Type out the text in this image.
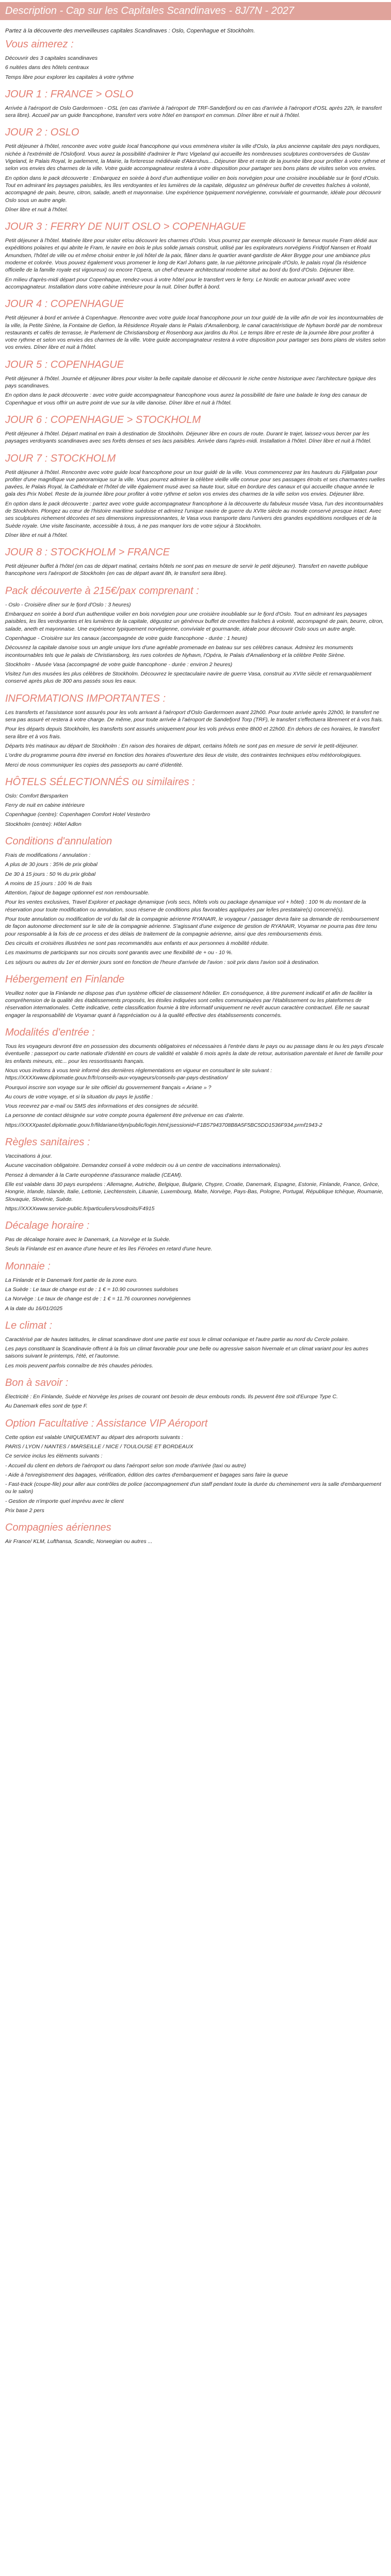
Description - Cap sur les Capitales Scandinaves - 8J/7N - 2027
Partez à la découverte des merveilleuses capitales Scandinaves : Oslo, Copenhague et Stockholm.
Vous aimerez :
Découvrir des 3 capitales scandinaves
6 nuitées dans des hôtels centraux
Temps libre pour explorer les capitales à votre rythme
JOUR 1 : FRANCE > OSLO
Arrivée à l'aéroport de Oslo Gardermoen - OSL (en cas d'arrivée à l'aéroport de TRF-Sandefjord ou en cas d'arrivée à l'aéroport d'OSL après 22h, le transfert sera libre). Accueil par un guide francophone, transfert vers votre hôtel en transport en commun. Dîner libre et nuit à l'hôtel.
JOUR 2 : OSLO
Petit déjeuner à l'hôtel, rencontre avec votre guide local francophone qui vous emmènera visiter la ville d'Oslo, la plus ancienne capitale des pays nordiques, nichée à l'extrémité de l'Oslofjord. Vous aurez la possibilité d'admirer le Parc Vigeland qui accueille les nombreuses sculptures controversées de Gustav Vigeland, le Palais Royal, le parlement, la Mairie, la forteresse médiévale d'Akershus... Déjeuner libre et reste de la journée libre pour profiter à votre rythme et selon vos envies des charmes de la ville. Votre guide accompagnateur restera à votre disposition pour partager ses bons plans de visites selon vos envies.
En option dans le pack découverte : Embarquez en soirée à bord d'un authentique voilier en bois norvégien pour une croisière inoubliable sur le fjord d'Oslo. Tout en admirant les paysages paisibles, les îles verdoyantes et les lumières de la capitale, dégustez un généreux buffet de crevettes fraîches à volonté, accompagné de pain, beurre, citron, salade, aneth et mayonnaise. Une expérience typiquement norvégienne, conviviale et gourmande, idéale pour découvrir Oslo sous un autre angle.
Dîner libre et nuit à l'hôtel.
JOUR 3 : FERRY DE NUIT OSLO > COPENHAGUE
Petit déjeuner à l'hôtel. Matinée libre pour visiter et/ou découvrir les charmes d'Oslo. Vous pourrez par exemple découvrir le fameux musée Fram dédié aux expéditions polaires et qui abrite le Fram, le navire en bois le plus solide jamais construit, utilisé par les explorateurs norvégiens Fridtjof Nansen et Roald Amundsen, l'hôtel de ville ou et même choisir entrer le joli hôtel de la paix, flâner dans le quartier avant-gardiste de Aker Brygge pour une ambiance plus moderne et colorée. Vous pouvez également vous promener le long de Karl Johans gate, la rue piétonne principale d'Oslo, le palais royal (la résidence officielle de la famille royale est vigoureux) ou encore l'Opera, un chef-d'œuvre architectural moderne situé au bord du fjord d'Oslo. Déjeuner libre.
En milieu d'après-midi départ pour Copenhague, rendez-vous à votre hôtel pour le transfert vers le ferry. Le Nordic en autocar privatif avec votre accompagnateur. Installation dans votre cabine intérieure pour la nuit. Dîner buffet à bord.
JOUR 4 : COPENHAGUE
Petit déjeuner à bord et arrivée à Copenhague. Rencontre avec votre guide local francophone pour un tour guidé de la ville afin de voir les incontournables de la ville, la Petite Sirène, la Fontaine de Gefion, la Résidence Royale dans le Palais d'Amalienborg, le canal caractéristique de Nyhavn bordé par de nombreux restaurants et cafés de terrasse, le Parlement de Christiansborg et Rosenborg aux jardins du Roi. Le temps libre et reste de la journée libre pour profiter à votre rythme et selon vos envies des charmes de la ville. Votre guide accompagnateur restera à votre disposition pour partager ses bons plans de visites selon vos envies. Dîner libre et nuit à l'hôtel.
JOUR 5 : COPENHAGUE
Petit déjeuner à l'hôtel. Journée et déjeuner libres pour visiter la belle capitale danoise et découvrir le riche centre historique avec l'architecture typique des pays scandinaves.
En option dans le pack découverte : avec votre guide accompagnateur francophone vous aurez la possibilité de faire une balade le long des canaux de Copenhague et vous offrir un autre point de vue sur la ville danoise. Dîner libre et nuit à l'hôtel.
JOUR 6 : COPENHAGUE > STOCKHOLM
Petit déjeuner à l'hôtel. Départ matinal en train à destination de Stockholm. Déjeuner libre en cours de route. Durant le trajet, laissez-vous bercer par les paysages verdoyants scandinaves avec ses forêts denses et ses lacs paisibles. Arrivée dans l'après-midi. Installation à l'hôtel. Dîner libre et nuit à l'hôtel.
JOUR 7 : STOCKHOLM
Petit déjeuner à l'hôtel. Rencontre avec votre guide local francophone pour un tour guidé de la ville. Vous commencerez par les hauteurs du Fjällgatan pour profiter d'une magnifique vue panoramique sur la ville. Vous pourrez admirer la célèbre vieille ville connue pour ses passages étroits et ses charmantes ruelles pavées, le Palais Royal, la Cathédrale et l'hôtel de ville également musé avec sa haute tour, situé en bordure des canaux et qui accueille chaque année le gala des Prix Nobel. Reste de la journée libre pour profiter à votre rythme et selon vos envies des charmes de la ville selon vos envies. Déjeuner libre.
En option dans le pack découverte : partez avec votre guide accompagnateur francophone à la découverte du fabuleux musée Vasa, l'un des incontournables de Stockholm. Plongez au cœur de l'histoire maritime suédoise et admirez l'unique navire de guerre du XVIIe siècle au monde conservé presque intact. Avec ses sculptures richement décorées et ses dimensions impressionnantes, le Vasa vous transporte dans l'univers des grandes expéditions nordiques et de la Suède royale. Une visite fascinante, accessible à tous, à ne pas manquer lors de votre séjour à Stockholm.
Dîner libre et nuit à l'hôtel.
JOUR 8 : STOCKHOLM > FRANCE
Petit déjeuner buffet à l'hôtel (en cas de départ matinal, certains hôtels ne sont pas en mesure de servir le petit déjeuner). Transfert en navette publique francophone vers l'aéroport de Stockholm (en cas de départ avant 8h, le transfert sera libre).
Pack découverte à 215€/pax comprenant :
- Oslo - Croisière dîner sur le fjord d'Oslo : 3 heures)
Embarquez en soirée à bord d'un authentique voilier en bois norvégien pour une croisière inoubliable sur le fjord d'Oslo. Tout en admirant les paysages paisibles, les îles verdoyantes et les lumières de la capitale, dégustez un généreux buffet de crevettes fraîches à volonté, accompagné de pain, beurre, citron, salade, aneth et mayonnaise. Une expérience typiquement norvégienne, conviviale et gourmande, idéale pour découvrir Oslo sous un autre angle.
Copenhague - Croisière sur les canaux (accompagnée de votre guide francophone - durée : 1 heure)
Découvrez la capitale danoise sous un angle unique lors d'une agréable promenade en bateau sur ses célèbres canaux. Admirez les monuments incontournables tels que le palais de Christiansborg, les rues colorées de Nyhavn, l'Opéra, le Palais d'Amalienborg et la célèbre Petite Sirène.
Stockholm - Musée Vasa (accompagné de votre guide francophone - durée : environ 2 heures)
Visitez l'un des musées les plus célèbres de Stockholm. Découvrez le spectaculaire navire de guerre Vasa, construit au XVIIe siècle et remarquablement conservé après plus de 300 ans passés sous les eaux.
INFORMATIONS IMPORTANTES :
Les transferts et l'assistance sont assurés pour les vols arrivant à l'aéroport d'Oslo Gardermoen avant 22h00. Pour toute arrivée après 22h00, le transfert ne sera pas assuré et restera à votre charge. De même, pour toute arrivée à l'aéroport de Sandefjord Torp (TRF), le transfert s'effectuera librement et à vos frais.
Pour les départs depuis Stockholm, les transferts sont assurés uniquement pour les vols prévus entre 8h00 et 22h00. En dehors de ces horaires, le transfert sera libre et à vos frais.
Départs très matinaux au départ de Stockholm : En raison des horaires de départ, certains hôtels ne sont pas en mesure de servir le petit-déjeuner.
L'ordre du programme pourra être inversé en fonction des horaires d'ouverture des lieux de visite, des contraintes techniques et/ou météorologiques.
Merci de nous communiquer les copies des passeports au carré d'identité.
HÔTELS SÉLECTIONNÉS ou similaires :
Oslo: Comfort Børsparken
Ferry de nuit en cabine intérieure
Copenhague (centre): Copenhagen Comfort Hotel Vesterbro
Stockholm (centre): Hôtel Adlon
Conditions d'annulation
Frais de modifications / annulation :
A plus de 30 jours : 35% de prix global
De 30 à 15 jours : 50 % du prix global
A moins de 15 jours : 100 % de frais
Attention, l'ajout de bagage optionnel est non remboursable.
Pour les ventes exclusives, Travel Explorer et package dynamique (vols secs, hôtels vols ou package dynamique vol + hôtel) : 100 % du montant de la réservation pour toute modification ou annulation, sous réserve de conditions plus favorables appliquées par le/les prestataire(s) concerné(s).
Pour toute annulation ou modification de vol du fait de la compagnie aérienne RYANAIR, le voyageur / passager devra faire sa demande de remboursement de façon autonome directement sur le site de la compagnie aérienne. S'agissant d'une exigence de gestion de RYANAIR, Voyamar ne pourra pas être tenu pour responsable à la fois de ce process et des délais de traitement de la compagnie aérienne, ainsi que des remboursements émis.
Des circuits et croisières illustrées ne sont pas recommandés aux enfants et aux personnes à mobilité réduite.
Les maximums de participants sur nos circuits sont garantis avec une flexibilité de + ou - 10 %.
Les séjours ou autres du 1er et dernier jours sont en fonction de l'heure d'arrivée de l'avion : soit prix dans l'avion soit à destination.
Hébergement en Finlande
Veuillez noter que la Finlande ne dispose pas d'un système officiel de classement hôtelier. En conséquence, à titre purement indicatif et afin de faciliter la compréhension de la qualité des établissements proposés, les étoiles indiquées sont celles communiquées par l'établissement ou les plateformes de réservation internationales. Cette indicative, cette classification fournie à titre informatif uniquement ne revêt aucun caractère contractuel. Elle ne saurait engager la responsabilité de Voyamar quant à l'appréciation ou à la qualité effective des établissements concernés.
Modalités d'entrée :
Tous les voyageurs devront être en possession des documents obligatoires et nécessaires à l'entrée dans le pays ou au passage dans le ou les pays d'escale éventuelle : passeport ou carte nationale d'identité en cours de validité et valable 6 mois après la date de retour, autorisation parentale et livret de famille pour les enfants mineurs, etc... pour les ressortissants français.
Nous vous invitons à vous tenir informé des dernières réglementations en vigueur en consultant le site suivant : https://XXXXwww.diplomatie.gouv.fr/fr/conseils-aux-voyageurs/conseils-par-pays-destination/
Pourquoi inscrire son voyage sur le site officiel du gouvernement français « Ariane » ?
Au cours de votre voyage, et si la situation du pays le justifie :
Vous recevrez par e-mail ou SMS des informations et des consignes de sécurité.
La personne de contact désignée sur votre compte pourra également être prévenue en cas d'alerte.
https://XXXXpastel.diplomatie.gouv.fr/fildariane/dyn/public/login.html;jsessionid=F1B57943708B8A5F5BC5DD1536F934.prmf1943-2
Règles sanitaires :
Vaccinations à jour.
Aucune vaccination obligatoire. Demandez conseil à votre médecin ou à un centre de vaccinations internationales).
Pensez à demander à la Carte européenne d'assurance maladie (CEAM).
Elle est valable dans 30 pays européens : Allemagne, Autriche, Belgique, Bulgarie, Chypre, Croatie, Danemark, Espagne, Estonie, Finlande, France, Grèce, Hongrie, Irlande, Islande, Italie, Lettonie, Liechtenstein, Lituanie, Luxembourg, Malte, Norvège, Pays-Bas, Pologne, Portugal, République tchèque, Roumanie, Slovaquie, Slovénie, Suède.
https://XXXXwww.service-public.fr/particuliers/vosdroits/F4915
Décalage horaire :
Pas de décalage horaire avec le Danemark, La Norvège et la Suède.
Seuls la Finlande est en avance d'une heure et les îles Féroées en retard d'une heure.
Monnaie :
La Finlande et le Danemark font partie de la zone euro.
La Suède : Le taux de change est de : 1 € = 10.90 couronnes suédoises
La Norvège : Le taux de change est de : 1 € = 11.76 couronnes norvégiennes
A la date du 16/01/2025
Le climat :
Caractérisé par de hautes latitudes, le climat scandinave dont une partie est sous le climat océanique et l'autre partie au nord du Cercle polaire.
Les pays constituant la Scandinavie offrent à la fois un climat favorable pour une belle ou agressive saison hivernale et un climat variant pour les autres saisons suivant le printemps, l'été, et l'automne.
Les mois peuvent parfois connaître de très chaudes périodes.
Bon à savoir :
Électricité : En Finlande, Suède et Norvège les prises de courant ont besoin de deux embouts ronds. Ils peuvent être soit d'Europe Type C.
Au Danemark elles sont de type F.
Option Facultative : Assistance VIP Aéroport
Cette option est valable UNIQUEMENT au départ des aéroports suivants :
PARIS / LYON / NANTES / MARSEILLE / NICE / TOULOUSE ET BORDEAUX
Ce service inclus les éléments suivants :
- Accueil du client en dehors de l'aéroport ou dans l'aéroport selon son mode d'arrivée (taxi ou autre)
- Aide à l'enregistrement des bagages, vérification, édition des cartes d'embarquement et bagages sans faire la queue
- Fast-track (coupe-file) pour aller aux contrôles de police (accompagnement d'un staff pendant toute la durée du cheminement vers la salle d'embarquement ou le salon)
- Gestion de n'importe quel imprévu avec le client
Prix base 2 pers
Compagnies aériennes
Air France/ KLM, Lufthansa, Scandic, Norwegian ou autres ...
